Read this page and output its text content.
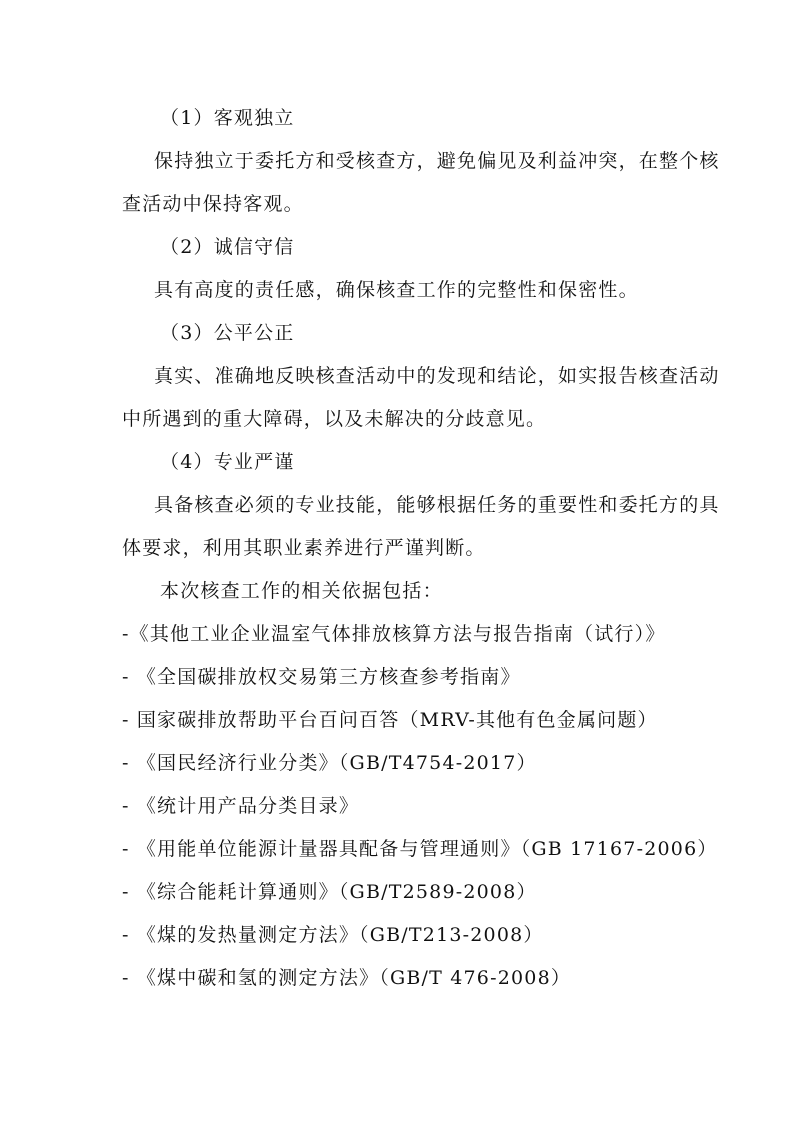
（1）客观独立
保持独立于委托方和受核查方，避免偏见及利益冲突，在整个核
查活动中保持客观。
（2）诚信守信
具有高度的责任感，确保核查工作的完整性和保密性。
（3）公平公正
真实、准确地反映核查活动中的发现和结论，如实报告核查活动
中所遇到的重大障碍，以及未解决的分歧意见。
（4）专业严谨
具备核查必须的专业技能，能够根据任务的重要性和委托方的具
体要求，利用其职业素养进行严谨判断。
本次核查工作的相关依据包括：
-《其他工业企业温室气体排放核算方法与报告指南（试行）》
- 《全国碳排放权交易第三方核查参考指南》
- 国家碳排放帮助平台百问百答（MRV-其他有色金属问题）
- 《国民经济行业分类》（GB/T4754-2017）
- 《统计用产品分类目录》
- 《用能单位能源计量器具配备与管理通则》（GB 17167-2006）
- 《综合能耗计算通则》（GB/T2589-2008）
- 《煤的发热量测定方法》（GB/T213-2008）
- 《煤中碳和氢的测定方法》（GB/T 476-2008）
